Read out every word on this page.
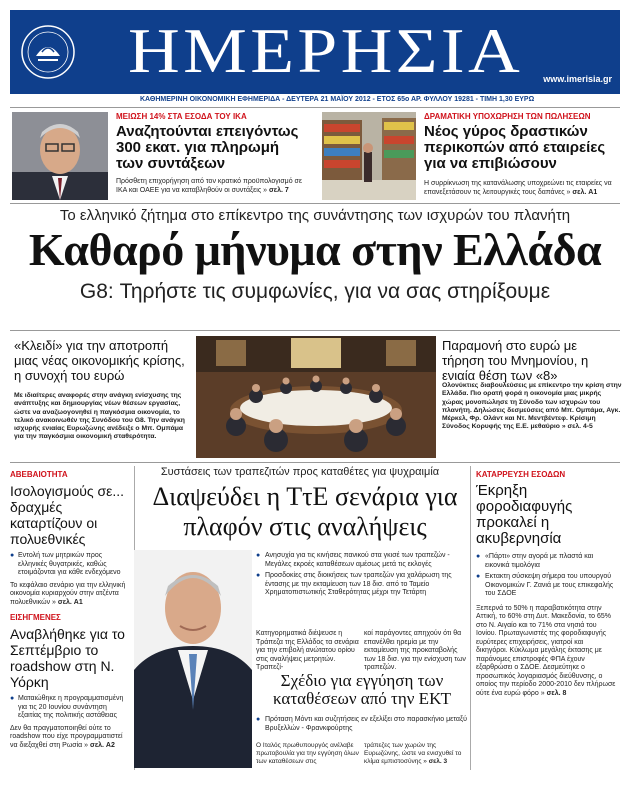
ΗΜΕΡΗΣΙΑ www.imerisia.gr
ΚΑΘΗΜΕΡΙΝΗ ΟΙΚΟΝΟΜΙΚΗ ΕΦΗΜΕΡΙΔΑ - ΔΕΥΤΕΡΑ 21 ΜΑΪΟΥ 2012 - ΕΤΟΣ 65ο ΑΡ. ΦΥΛΛΟΥ 19281 - ΤΙΜΗ 1,30 ΕΥΡΩ
ΜΕΙΩΣΗ 14% ΣΤΑ ΕΣΟΔΑ ΤΟΥ ΙΚΑ
Αναζητούνται επειγόντως 300 εκατ. για πληρωμή των συντάξεων
Πρόσθετη επιχορήγηση από τον κρατικό προϋπολογισμό σε ΙΚΑ και ΟΑΕΕ για να καταβληθούν οι συντάξεις » σελ. 7
ΔΡΑΜΑΤΙΚΗ ΥΠΟΧΩΡΗΣΗ ΤΩΝ ΠΩΛΗΣΕΩΝ
Νέος γύρος δραστικών περικοπών από εταιρείες για να επιβιώσουν
Η συρρίκνωση της κατανάλωσης υποχρεώνει τις εταιρείες να επανεξετάσουν τις λειτουργικές τους δαπάνες » σελ. A1
Το ελληνικό ζήτημα στο επίκεντρο της συνάντησης των ισχυρών του πλανήτη
Καθαρό μήνυμα στην Ελλάδα
G8: Τηρήστε τις συμφωνίες, για να σας στηρίξουμε
«Κλειδί» για την αποτροπή μιας νέας οικονομικής κρίσης, η συνοχή του ευρώ
Με ιδιαίτερες αναφορές στην ανάγκη ενίσχυσης της ανάπτυξης και δημιουργίας νέων θέσεων εργασίας, ώστε να αναζωογονηθεί η παγκόσμια οικονομία, το τελικό ανακοινωθέν της Συνόδου του G8. Την ανάγκη ισχυρής ενιαίας Ευρωζώνης ανέδειξε ο Μπ. Ομπάμα για την παγκόσμια οικονομική σταθερότητα.
Παραμονή στο ευρώ με τήρηση του Μνημονίου, η ενιαία θέση των «8»
Ολονύκτιες διαβουλεύσεις με επίκεντρο την κρίση στην Ελλάδα. Πιο ορατή φορά η οικονομία μιας μικρής χώρας μονοπώλησε τη Σύνοδο των ισχυρών του πλανήτη. Δηλώσεις δεσμεύσεις από Μπ. Ομπάμα, Αγκ. Μέρκελ, Φρ. Ολάντ και Ντ. Μεντβέντεφ. Κρίσιμη Σύνοδος Κορυφής της Ε.Ε. μεθαύριο » σελ. 4-5
ΑΒΕΒΑΙΟΤΗΤΑ
Ισολογισμούς σε... δραχμές καταρτίζουν οι πολυεθνικές
● Εντολή των μητρικών προς ελληνικές θυγατρικές, καθώς ετοιμάζονται για κάθε ενδεχόμενο
Το κεφάλαιο σενάριο για την ελληνική οικονομία κυριαρχούν στην ατζέντα πολυεθνικών » σελ. A1
ΕΙΣΗΓΜΕΝΕΣ
Αναβλήθηκε για το Σεπτέμβριο το roadshow στη Ν. Υόρκη
● Ματαιώθηκε η προγραμματισμένη για τις 20 Ιουνίου συνάντηση εξαιτίας της πολιτικής αστάθειας
Δεν θα πραγματοποιηθεί ούτε το roadshow που είχε προγραμματιστεί να διεξαχθεί στη Ρωσία » σελ. A2
Συστάσεις των τραπεζιτών προς καταθέτες για ψυχραιμία
Διαψεύδει η ΤτΕ σενάρια για πλαφόν στις αναλήψεις
● Ανησυχία για τις κινήσεις πανικού στα γκισέ των τραπεζών - Μεγάλες εκροές καταθέσεων αμέσως μετά τις εκλογές
● Προσδοκίες στις διοικήσεις των τραπεζών για χαλάρωση της έντασης με την εκταμίευση των 18 δισ. από το Ταμείο Χρηματοπιστωτικής Σταθερότητας μέχρι την Τετάρτη
Κατηγορηματικά διέψευσε η Τράπεζα της Ελλάδος τα σενάρια για την επιβολή ανώτατου ορίου στις αναλήψεις μετρητών. Τραπεζί-
κοί παράγοντες απηχούν ότι θα επανέλθει ηρεμία με την εκταμίευση της προκαταβολής των 18 δισ. για την ενίσχυση των τραπεζών.
Σχέδιο για εγγύηση των καταθέσεων από την ΕΚΤ
● Πρόταση Μόντι και συζητήσεις εν εξελίξει στο παρασκήνιο μεταξύ Βρυξελλών - Φρανκφούρτης
Ο Ιταλός πρωθυπουργός ανέλαβε πρωτοβουλία για την εγγύηση όλων των καταθέσεων στις
τράπεζες των χωρών της Ευρωζώνης, ώστε να ενισχυθεί το κλίμα εμπιστοσύνης » σελ. 3
ΚΑΤΑΡΡΕΥΣΗ ΕΣΟΔΩΝ
Έκρηξη φοροδιαφυγής προκαλεί η ακυβερνησία
● «Πάρτι» στην αγορά με πλαστά και εικονικά τιμολόγια
● Εκτακτη σύσκεψη σήμερα του υπουργού Οικονομικών Γ. Ζανιά με τους επικεφαλής του ΣΔΟΕ
Ξεπερνά το 50% η παραβατικότητα στην Αττική, το 60% στη Δυτ. Μακεδονία, το 65% στο Ν. Αιγαίο και το 71% στα νησιά του Ιονίου. Πρωταγωνιστές της φοροδιαφυγής ευρύτερες επιχειρήσεις, γιατροί και δικηγόροι. Κύκλωμα μεγάλης έκτασης με παράνομες επιστροφές ΦΠΑ έχουν εξαρθρώσει ο ΣΔΟΕ. Δεσμεύτηκε ο προσωπικός λογαριασμός διεύθυνσης, ο οποίος την περίοδο 2000-2010 δεν πλήρωσε ούτε ένα ευρώ φόρο » σελ. 8
